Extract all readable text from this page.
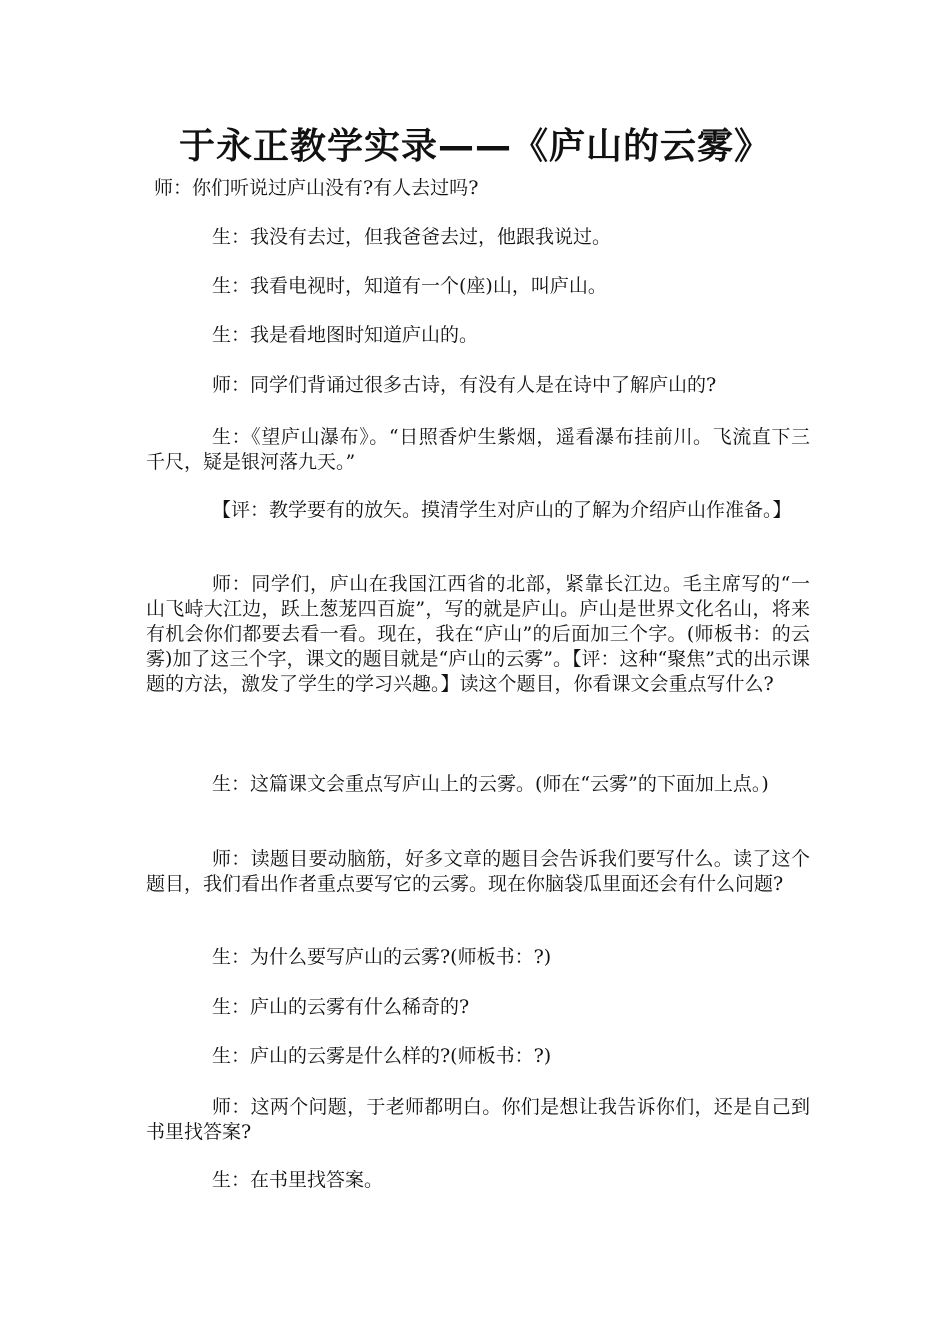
于永正教学实录——《庐山的云雾》

师：你们听说过庐山没有?有人去过吗?

生：我没有去过，但我爸爸去过，他跟我说过。

生：我看电视时，知道有一个(座)山，叫庐山。

生：我是看地图时知道庐山的。

师：同学们背诵过很多古诗，有没有人是在诗中了解庐山的?

生：《望庐山瀑布》。“日照香炉生紫烟，遥看瀑布挂前川。飞流直下三千尺，疑是银河落九天。”

【评：教学要有的放矢。摸清学生对庐山的了解为介绍庐山作准备。】

师：同学们，庐山在我国江西省的北部，紧靠长江边。毛主席写的“一山飞峙大江边，跃上葱茏四百旋”，写的就是庐山。庐山是世界文化名山，将来有机会你们都要去看一看。现在，我在“庐山”的后面加三个字。(师板书：的云雾)加了这三个字，课文的题目就是“庐山的云雾”。【评：这种“聚焦”式的出示课题的方法，激发了学生的学习兴趣。】读这个题目，你看课文会重点写什么?

生：这篇课文会重点写庐山上的云雾。(师在“云雾”的下面加上点。)

师：读题目要动脑筋，好多文章的题目会告诉我们要写什么。读了这个题目，我们看出作者重点要写它的云雾。现在你脑袋瓜里面还会有什么问题?

生：为什么要写庐山的云雾?(师板书：?)

生：庐山的云雾有什么稀奇的?

生：庐山的云雾是什么样的?(师板书：?)

师：这两个问题，于老师都明白。你们是想让我告诉你们，还是自己到书里找答案?

生：在书里找答案。
